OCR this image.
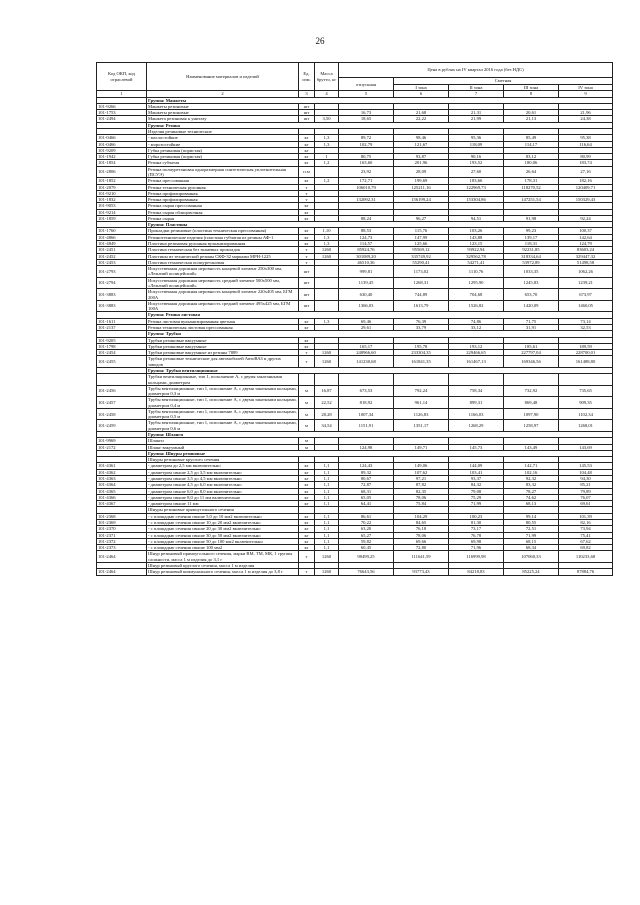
26
Код ОКП, код отраслевой	Наименование материалов и изделий	Ед. изм.	Масса брутто, кг	Цена в рублях на IV квартал 2016 года (без НДС)				
				отпускная	Сметная			
					I зона	II зона	III зона	IV зона
1	2	3	4	5	6	7	8	9
	Группа: Манжеты							
101-9266	Манжеты резиновые	шт						
101-1753	Манжеты резиновые	шт		16,73	21,68	21,31	20,61	21,96
101-2494	Манжета резиновая к унитазу	шт	3,50	18,65	22,22	21,99	21,13	24,38
	Группа: Резина							
	Изделия резиновые технические							
101-0466	- маслостойкие	кг	1,3	89,72	98,46	95,36	85,49	95,38
101-0466	- морозостойкие	кг	1,3	102,79	121,67	118,09	114,17	116,64
101-9209	Губка резиновая (пористая)	кг						
101-1942	Губка резиновая (пористая)	кг	1	80,75	93,87	90,16	83,12	80,99
101-1854	Резина губчатая	кг	1,2	163,60	201,96	193,52	180,06	183,74
101-2806	Резина полиуретановая одноразмерная синтетическая уплотнительная (ПСУЭ)	п.м		23,92	28,09	27,60	26,64	27,16
101-1852	Резина прессованная	кг	1,2	172,71	199,69	183,66	178,31	182,16
101-2079	Резина техническая рулонная	т		106010,79	125211,16	122969,73	118270,52	120409,71
101-9210	Резина профилированная	т						
101-1832	Резина профилированная	т		132092,31	156199,24	153304,86	147251,54	150329,43
101-9053	Резина сырая прессованная	кг						
101-9214	Резина сырая облицовочная	кг						
101-1859	Резина сырая	кг		88,24	96,27	94,51	91,98	92,24
	Группа: Пластины							
101-1760	Прокладки резиновые (пластина техническая прессованная)	кг	1,10	88,53	115,76	103,26	99,23	100,37
101-4866	Резинотехнические изделия (пластина губчатая из резины АФ-1	кг	1,3	124,73	147,99	143,88	139,17	142,64
101-4849	Пластина резиновая рулонная вулканизированная	кг	1,3	114,57	125,66	123,15	118,31	124,79
101-2451	Пластина техническая без тканевых прокладок	т	1260	85924,76	95569,12	93922,94	92231,85	83603,24
101-2452	Пластины из технической резины СКФ-32 марками МРН-1225	т	1260	301089,20	335749,92	329562,78	318334,64	329447,32
101-2453	Пластина техническая полиуретановая	т		46510,36	55290,41	54271,41	53972,89	51498,58
101-2793	Искусственная дорожная неровность концевой элемент 250x300 мм, «Лежачий полицейский»	шт		999,81	1173,02	1110,76	1033,35	1062,26
101-2794	Искусственная дорожная неровность средний элемент 500x500 мм, «Лежачий полицейский»	шт		1139,45	1268,31	1295,90	1245,83	1239,21
101-3883	Искусственная дорожная неровность концевой элемент 220x405 мм, БГМ 200А	шт		630,40	744,89	704,68	653,70	673,97
101-3883	Искусственная дорожная неровность средний элемент 495x425 мм, БГМ 100А	шт		1366,03	1613,79	1526,82	1420,09	1460,05
	Группа: Резина листовая							
101-1611	Резина листовая вулканизированная цветная	кг	1,3	69,46	76,39	74,86	71,75	73,14
101-2137	Резина техническая листовая прессованная	кг		29,61	33,79	33,12	31,91	32,53
	Группа: Трубки							
101-9205	Трубки резиновые вакуумные	кг						
101-1798	Трубки резиновые вакуумные	кг		165,17	195,78	193,12	185,61	189,59
101-2454	Трубки резиновые вакуумные из резины 7889	т	1260	248966,60	233304,35	229466,65	227797,04	228700,01
101-2455	Трубки резиновые технические для автомобилей АвтоВАЗ и других заводов	т	1260	141230,68	161841,35	161467,13	169346,56	161488,80
	Группа: Трубки вентиляционные							
	Трубки вентиляционные, тип 1, исполнение А, с двумя закатанными кольцами, диаметром							
101-2456	Трубы вентиляционные, тип 1, исполнение А, с двумя закатными кольцами, диаметром 0,3 м	м	16,87	673,53	792,24	758,34	732,92	735,65
101-2457	Трубы вентиляционные, тип 1, исполнение А, с двумя закатными кольцами, диаметром 0,4 м	м	22,52	818,92	961,14	899,31	869,48	909,35
101-2458	Трубы вентиляционные, тип 1, исполнение А, с двумя закатными кольцами, диаметром 0,5 м	м	28,28	1007,34	1126,83	1166,03	1097,90	1102,34
101-2459	Трубы вентиляционные, тип 1, исполнение А, с двумя закатными кольцами, диаметром 0,6 м	м	34,54	1151,91	1351,17	1268,29	1258,97	1268,01
	Группа: Шланги							
101-9969	Шланги	м						
101-2172	Шланг вакуумный	м		124,98	149,71	145,73	143,49	143,69
	Группа: Шнуры резиновые							
	Шнуры резиновые круглого сечения							
101-4361	- диаметром до 2,5 мм включительно	кг	1,1	124,43	149,06	144,09	142,71	145,53
101-4362	- диаметром свыше 2,5 до 3,5 мм включительно	кг	1,1	89,32	107,62	103,41	102,16	104,48
101-4363	- диаметром свыше 3,5 до 4,5 мм включительно	кг	1,1	80,67	97,21	93,37	92,32	94,30
101-4364	- диаметром свыше 4,5 до 6,0 мм включительно	кг	1,1	72,87	87,82	84,32	83,32	85,21
101-4365	- диаметром свыше 6,0 до 8,0 мм включительно	кг	1,1	68,31	82,35	79,08	78,27	79,89
101-4366	- диаметром свыше 8,0 до 11 мм включительно	кг	1,1	65,05	78,06	75,29	74,62	76,07
101-4367	- диаметром свыше 11 мм	кг	1,1	64,41	75,84	71,99	68,13	69,61
	Шнуры резиновые прямоугольного сечения							
101-2368	- с площадью сечения свыше 5,0 до 10 мм2 включительно	кг	1,1	86,61	104,29	100,23	99,14	101,39
101-2369	- с площадью сечения свыше 10 до 20 мм2 включительно	кг	1,1	70,22	84,65	81,30	80,55	82,16
101-2370	- с площадью сечения свыше 20 до 30 мм2 включительно	кг	1,1	63,20	76,18	73,17	72,51	73,94
101-2371	- с площадью сечения свыше 30 до 50 мм2 включительно	кг	1,1	65,27	78,06	76,78	71,99	75,41
101-2372	- с площадью сечения свыше 50 до 100 мм2 включительно	кг	1,1	59,82	69,66	69,98	68,15	67,62
101-2373	- с площадью сечения свыше 100 мм2	кг	1,1	60,45	72,80	71,96	68,34	69,82
101-2464	Шнур резиновый прямоугольного сечения, марки ВМ, ТМ, МК, 1 группы сложности, масса 1 м изделия до 3,1 г	т	1260	98499,25	111641,59	116999,98	107060,33	110233,68
	Шнур резиновый круглого сечения, масса 1 м изделия							
101-2464	Шнур резиновый коммунального сечения, масса 1 м изделия до 3,8 г	т	1260	76643,56	93773,43	84218,83	85225,24	87884,76
